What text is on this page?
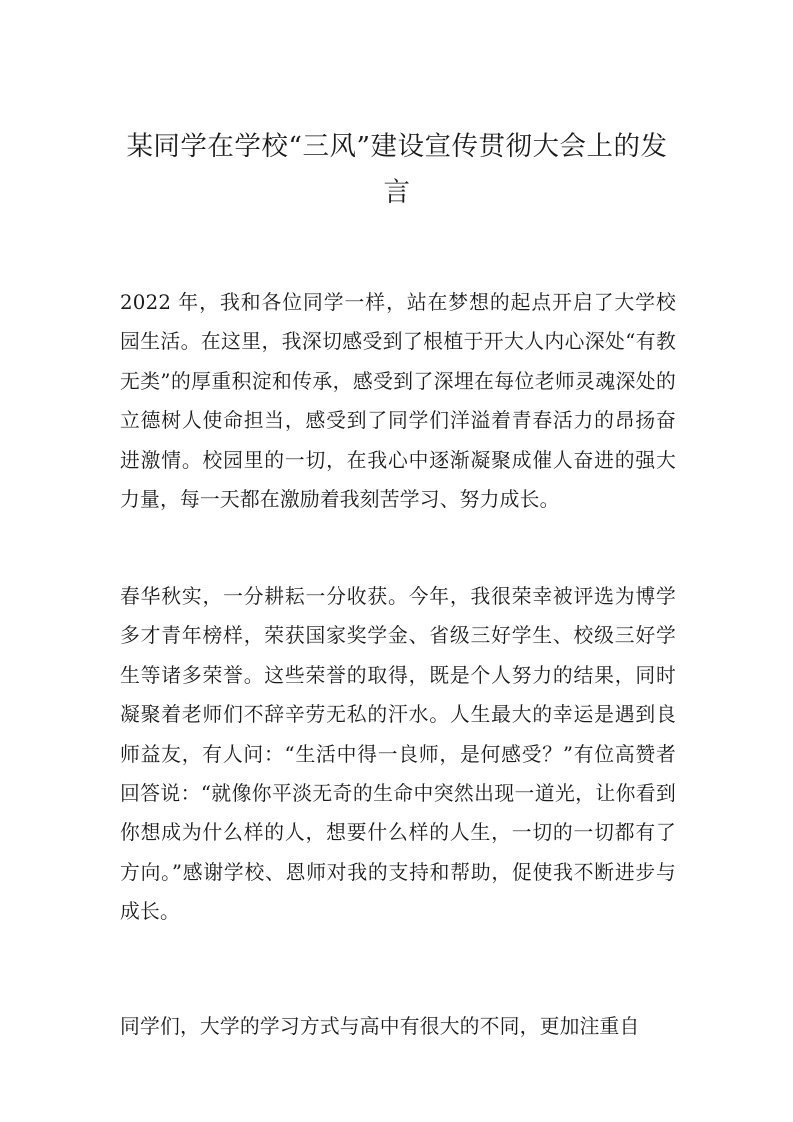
某同学在学校“三风”建设宣传贯彻大会上的发言

2022 年，我和各位同学一样，站在梦想的起点开启了大学校园生活。在这里，我深切感受到了根植于开大人内心深处“有教无类”的厚重积淀和传承，感受到了深埋在每位老师灵魂深处的立德树人使命担当，感受到了同学们洋溢着青春活力的昂扬奋进激情。校园里的一切，在我心中逐渐凝聚成催人奋进的强大力量，每一天都在激励着我刻苦学习、努力成长。

春华秋实，一分耕耘一分收获。今年，我很荣幸被评选为博学多才青年榜样，荣获国家奖学金、省级三好学生、校级三好学生等诸多荣誉。这些荣誉的取得，既是个人努力的结果，同时凝聚着老师们不辞辛劳无私的汗水。人生最大的幸运是遇到良师益友，有人问：“生活中得一良师，是何感受？”有位高赞者回答说：“就像你平淡无奇的生命中突然出现一道光，让你看到你想成为什么样的人，想要什么样的人生，一切的一切都有了方向。”感谢学校、恩师对我的支持和帮助，促使我不断进步与成长。

同学们，大学的学习方式与高中有很大的不同，更加注重自
